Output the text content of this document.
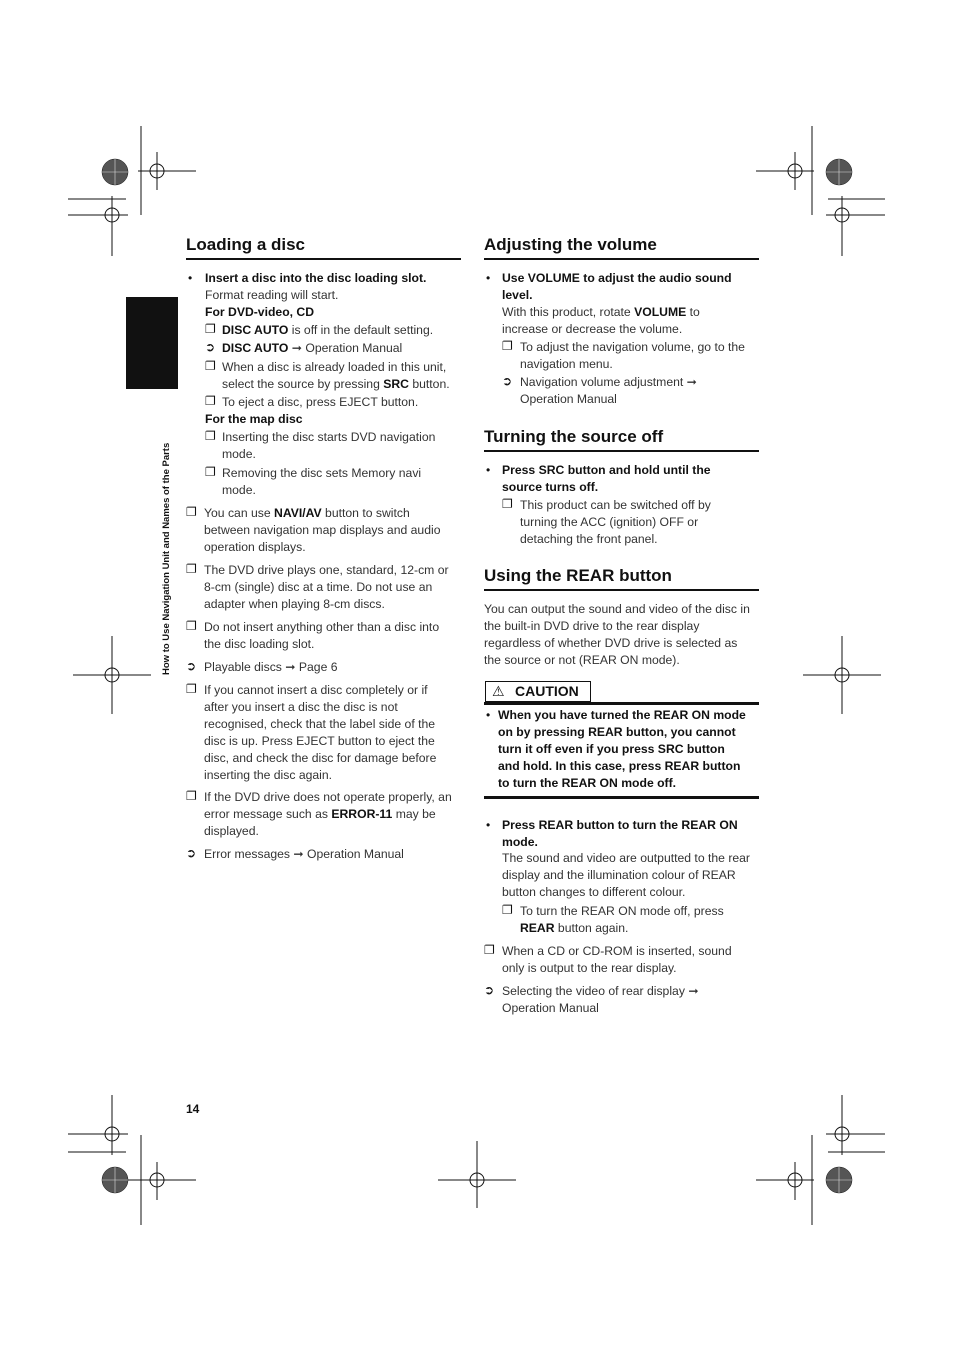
How to Use Navigation Unit and Names of the Parts
Loading a disc
• Insert a disc into the disc loading slot.
Format reading will start.
For DVD-video, CD
❐ DISC AUTO is off in the default setting.
➲ DISC AUTO ➞ Operation Manual
❐ When a disc is already loaded in this unit,
select the source by pressing SRC button.
❐ To eject a disc, press EJECT button.
For the map disc
❐ Inserting the disc starts DVD navigation
mode.
❐ Removing the disc sets Memory navi
mode.
❐ You can use NAVI/AV button to switch
between navigation map displays and audio
operation displays.
❐ The DVD drive plays one, standard, 12-cm or
8-cm (single) disc at a time. Do not use an
adapter when playing 8-cm discs.
❐ Do not insert anything other than a disc into
the disc loading slot.
➲ Playable discs ➞ Page 6
❐ If you cannot insert a disc completely or if
after you insert a disc the disc is not
recognised, check that the label side of the
disc is up. Press EJECT button to eject the
disc, and check the disc for damage before
inserting the disc again.
❐ If the DVD drive does not operate properly, an
error message such as ERROR-11 may be
displayed.
➲ Error messages ➞ Operation Manual
Adjusting the volume
• Use VOLUME to adjust the audio sound
level.
With this product, rotate VOLUME to
increase or decrease the volume.
❐ To adjust the navigation volume, go to the
navigation menu.
➲ Navigation volume adjustment ➞
Operation Manual
Turning the source off
• Press SRC button and hold until the
source turns off.
❐ This product can be switched off by
turning the ACC (ignition) OFF or
detaching the front panel.
Using the REAR button
You can output the sound and video of the disc in
the built-in DVD drive to the rear display
regardless of whether DVD drive is selected as
the source or not (REAR ON mode).
⚠ CAUTION
• When you have turned the REAR ON mode
on by pressing REAR button, you cannot
turn it off even if you press SRC button
and hold. In this case, press REAR button
to turn the REAR ON mode off.
• Press REAR button to turn the REAR ON
mode.
The sound and video are outputted to the rear
display and the illumination colour of REAR
button changes to different colour.
❐ To turn the REAR ON mode off, press
REAR button again.
❐ When a CD or CD-ROM is inserted, sound
only is output to the rear display.
➲ Selecting the video of rear display ➞
Operation Manual
14
